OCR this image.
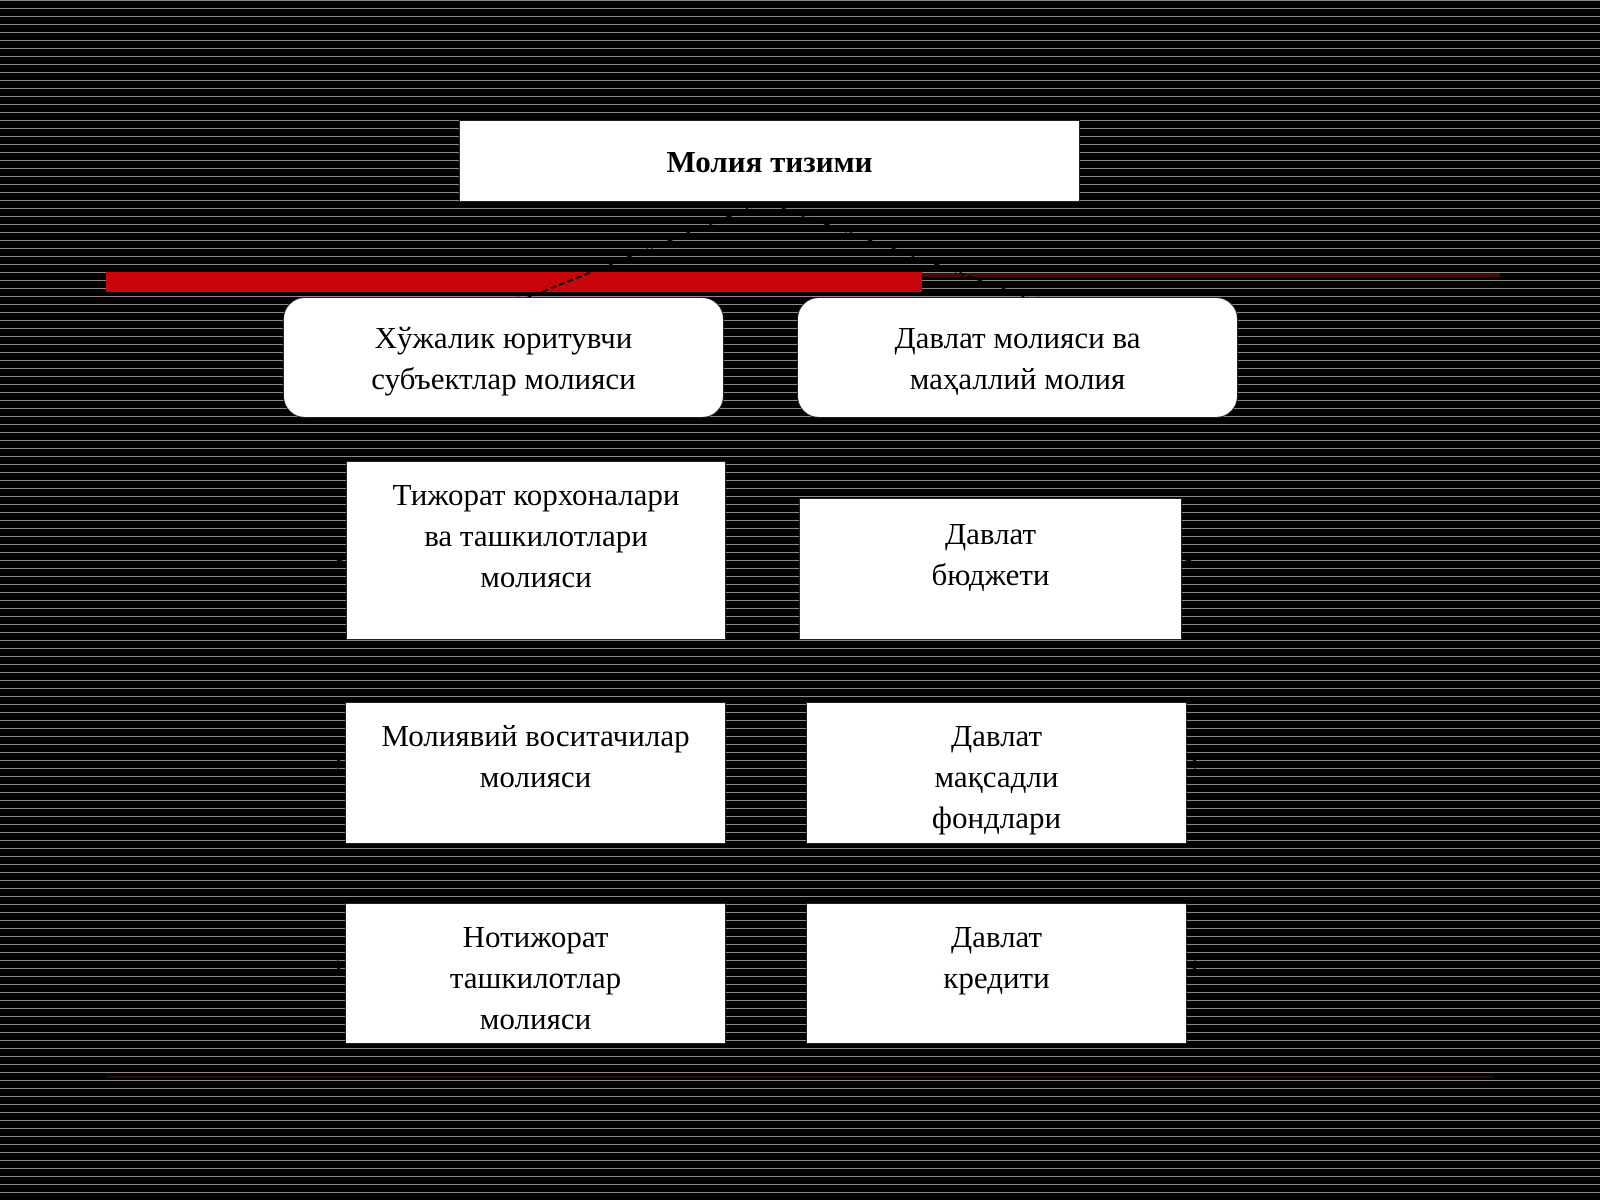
Молия тизими
Хўжалик юритувчи
субъектлар молияси
Давлат молияси ва
маҳаллий молия
Тижорат корхоналари
ва ташкилотлари
молияси
Молиявий воситачилар
молияси
Нотижорат
ташкилотлар
молияси
Давлат
бюджети
Давлат
мақсадли
фондлари
Давлат
кредити
